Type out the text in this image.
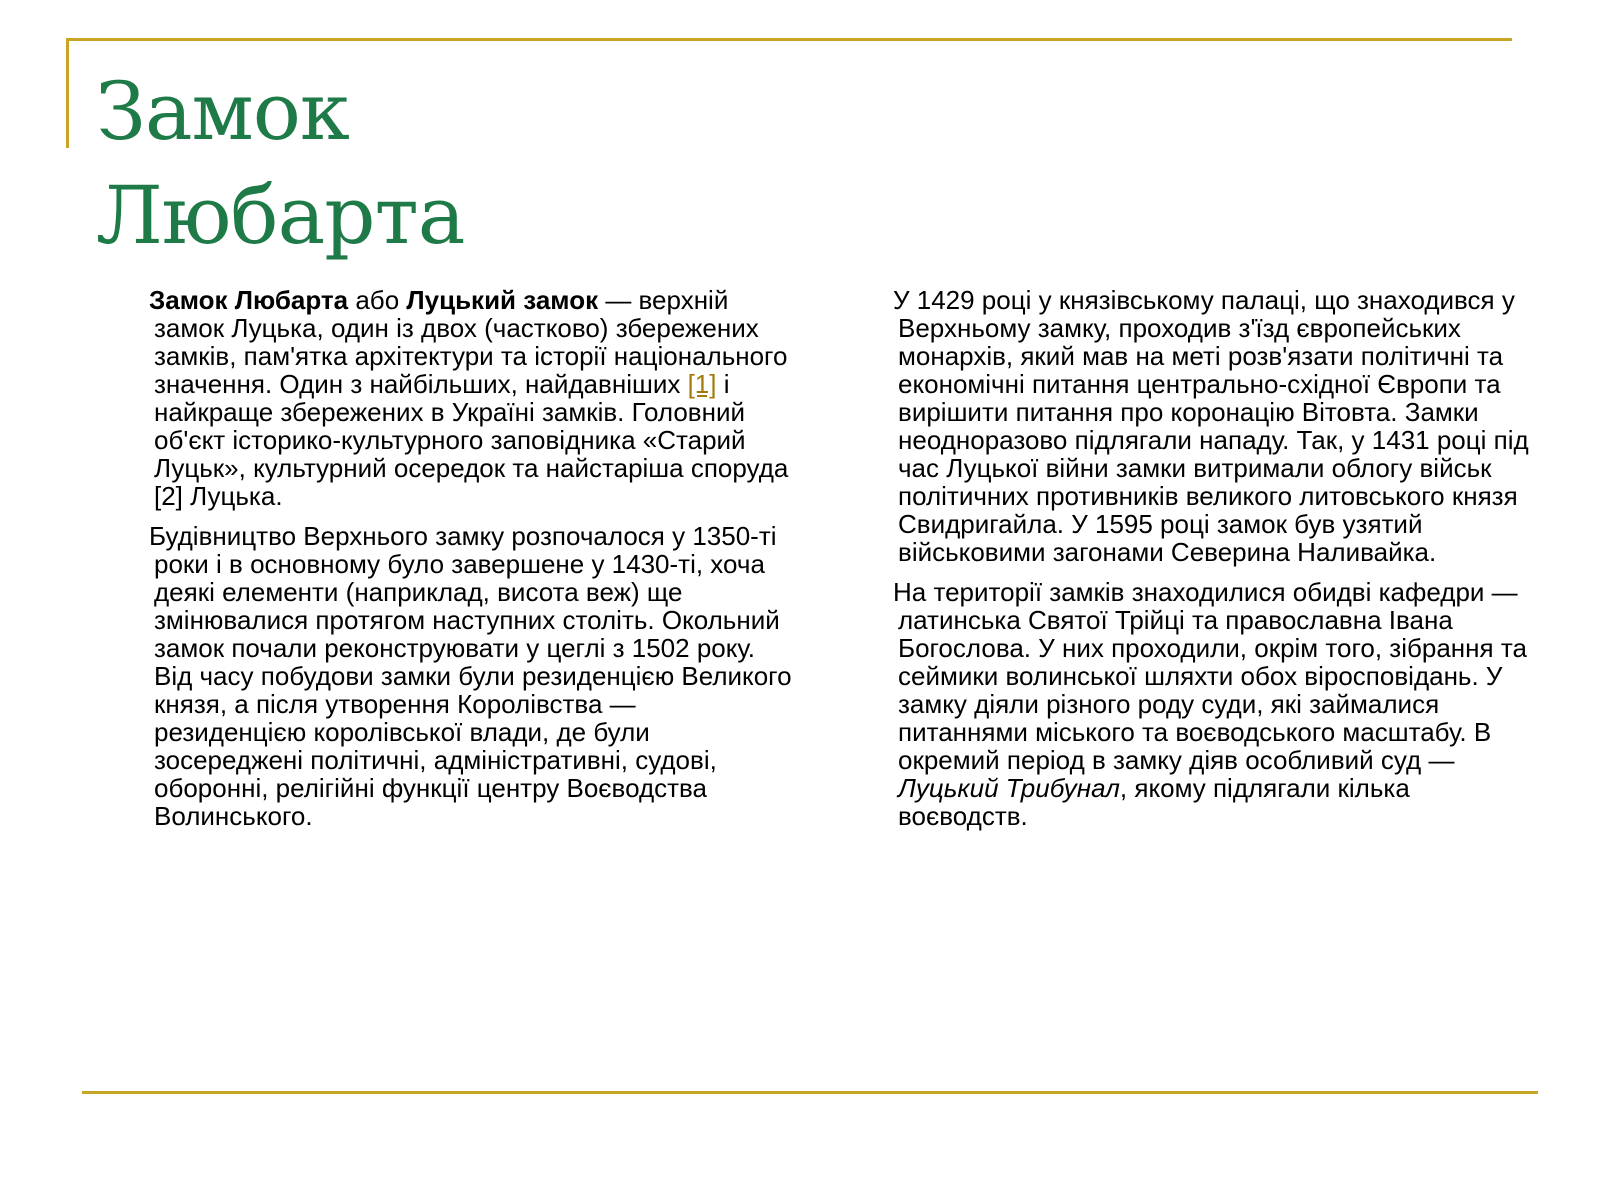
Замок
Любарта

Замок Любарта або Луцький замок — верхній замок Луцька, один із двох (частково) збережених замків, пам'ятка архітектури та історії національного значення. Один з найбільших, найдавніших [1] і найкраще збережених в Україні замків. Головний об'єкт історико-культурного заповідника «Старий Луцьк», культурний осередок та найстаріша споруда [2] Луцька.

Будівництво Верхнього замку розпочалося у 1350-ті роки і в основному було завершене у 1430-ті, хоча деякі елементи (наприклад, висота веж) ще змінювалися протягом наступних століть. Окольний замок почали реконструювати у цеглі з 1502 року. Від часу побудови замки були резиденцією Великого князя, а після утворення Королівства — резиденцією королівської влади, де були зосереджені політичні, адміністративні, судові, оборонні, релігійні функції центру Воєводства Волинського.

У 1429 році у князівському палаці, що знаходився у Верхньому замку, проходив з'їзд європейських монархів, який мав на меті розв'язати політичні та економічні питання центрально-східної Європи та вирішити питання про коронацію Вітовта. Замки неодноразово підлягали нападу. Так, у 1431 році під час Луцької війни замки витримали облогу військ політичних противників великого литовського князя Свидригайла. У 1595 році замок був узятий військовими загонами Северина Наливайка.

На території замків знаходилися обидві кафедри — латинська Святої Трійці та православна Івана Богослова. У них проходили, окрім того, зібрання та сеймики волинської шляхти обох віросповідань. У замку діяли різного роду суди, які займалися питаннями міського та воєводського масштабу. В окремий період в замку діяв особливий суд — Луцький Трибунал, якому підлягали кілька воєводств.
